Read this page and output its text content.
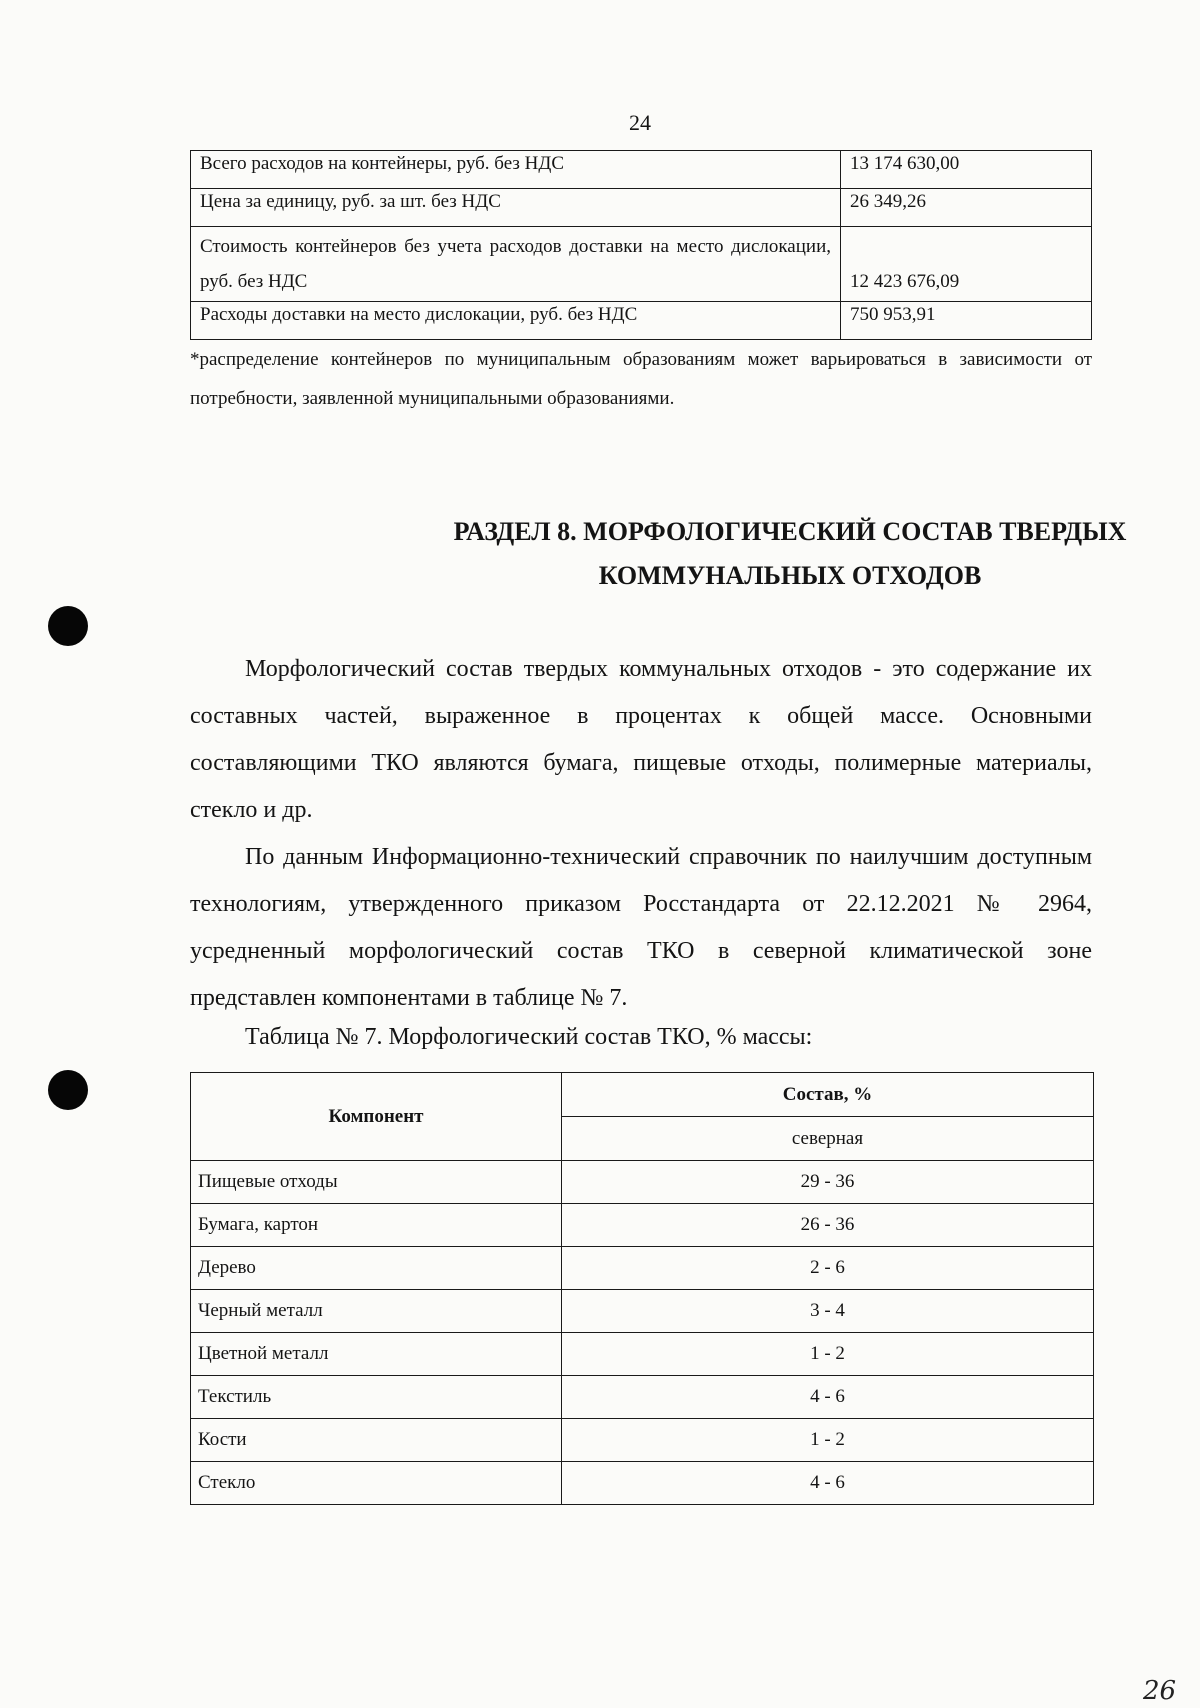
24
Всего расходов на контейнеры, руб. без НДС	13 174 630,00
Цена за единицу, руб. за шт. без НДС	26 349,26
Стоимость контейнеров без учета расходов доставки на место дислокации, руб. без НДС	12 423 676,09
Расходы доставки на место дислокации, руб. без НДС	750 953,91
*распределение контейнеров по муниципальным образованиям может варьироваться в зависимости от потребности, заявленной муниципальными образованиями.
РАЗДЕЛ 8. МОРФОЛОГИЧЕСКИЙ СОСТАВ ТВЕРДЫХ
КОММУНАЛЬНЫХ ОТХОДОВ

Морфологический состав твердых коммунальных отходов - это содержание их составных частей, выраженное в процентах к общей массе. Основными составляющими ТКО являются бумага, пищевые отходы, полимерные материалы, стекло и др.

По данным Информационно-технический справочник по наилучшим доступным технологиям, утвержденного приказом Росстандарта от 22.12.2021 № 2964, усредненный морфологический состав ТКО в северной климатической зоне представлен компонентами в таблице № 7.

Таблица № 7. Морфологический состав ТКО, % массы:
Компонент	Состав, %
	северная
Пищевые отходы	29 - 36
Бумага, картон	26 - 36
Дерево	2 - 6
Черный металл	3 - 4
Цветной металл	1 - 2
Текстиль	4 - 6
Кости	1 - 2
Стекло	4 - 6
26
